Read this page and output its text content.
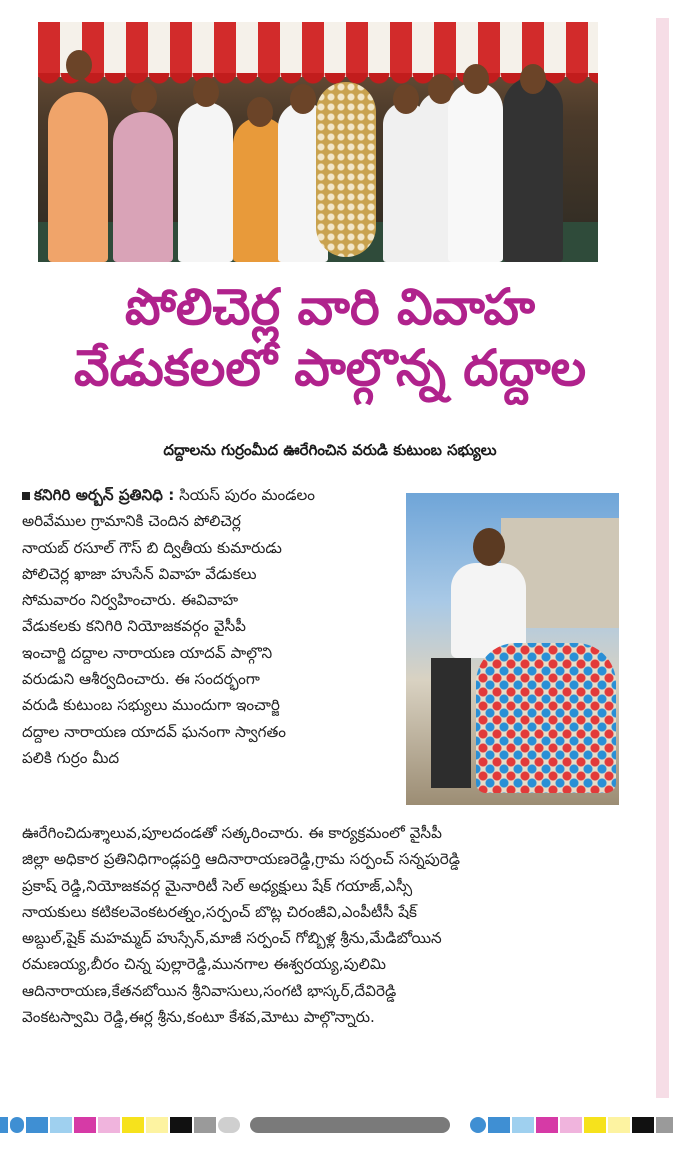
పోలిచెర్ల వారి వివాహ
వేడుకలలో పాల్గొన్న దద్దాల
దద్దాలను గుర్రంమీద ఊరేగించిన వరుడి కుటుంబ సభ్యులు
కనిగిరి అర్బన్ ప్రతినిధి : సియస్ పురం మండలం
అరివేముల గ్రామానికి చెందిన పోలిచెర్ల
నాయబ్ రసూల్ గౌస్ బి ద్వితీయ కుమారుడు
పోలిచెర్ల ఖాజా హుసేన్ వివాహ వేడుకలు
సోమవారం నిర్వహించారు. ఈవివాహ
వేడుకలకు కనిగిరి నియోజకవర్గం వైసీపీ
ఇంచార్జి దద్దాల నారాయణ యాదవ్ పాల్గొని
వరుడుని ఆశీర్వదించారు. ఈ సందర్భంగా
వరుడి కుటుంబ సభ్యులు ముందుగా ఇంచార్జి
దద్దాల నారాయణ యాదవ్ ఘనంగా స్వాగతం
పలికి గుర్రం మీద
ఊరేగించిదుశ్శాలువ,పూలదండతో సత్కరించారు. ఈ కార్యక్రమంలో వైసీపీ
జిల్లా అధికార ప్రతినిధిగాండ్లపర్తి ఆదినారాయణరెడ్డి,గ్రామ సర్పంచ్ సన్నపురెడ్డి
ప్రకాష్ రెడ్డి,నియోజకవర్గ మైనారిటీ సెల్ అధ్యక్షులు షేక్ గయాజ్,ఎస్సీ
నాయకులు కటికలవెంకటరత్నం,సర్పంచ్ బొట్ల చిరంజీవి,ఎంపీటీసీ షేక్
అబ్దుల్,షైక్ మహమ్మద్ హుస్సేన్,మాజీ సర్పంచ్ గోబ్బిళ్ల శ్రీను,మేడిబోయిన
రమణయ్య,బీరం చిన్న పుల్లారెడ్డి,మునగాల ఈశ్వరయ్య,పులిమి
ఆదినారాయణ,కేతనబోయిన శ్రీనివాసులు,సంగటి భాస్కర్,దేవిరెడ్డి
వెంకటస్వామి రెడ్డి,ఈర్ల శ్రీను,కంటూ కేశవ,మోటు పాల్గొన్నారు.
